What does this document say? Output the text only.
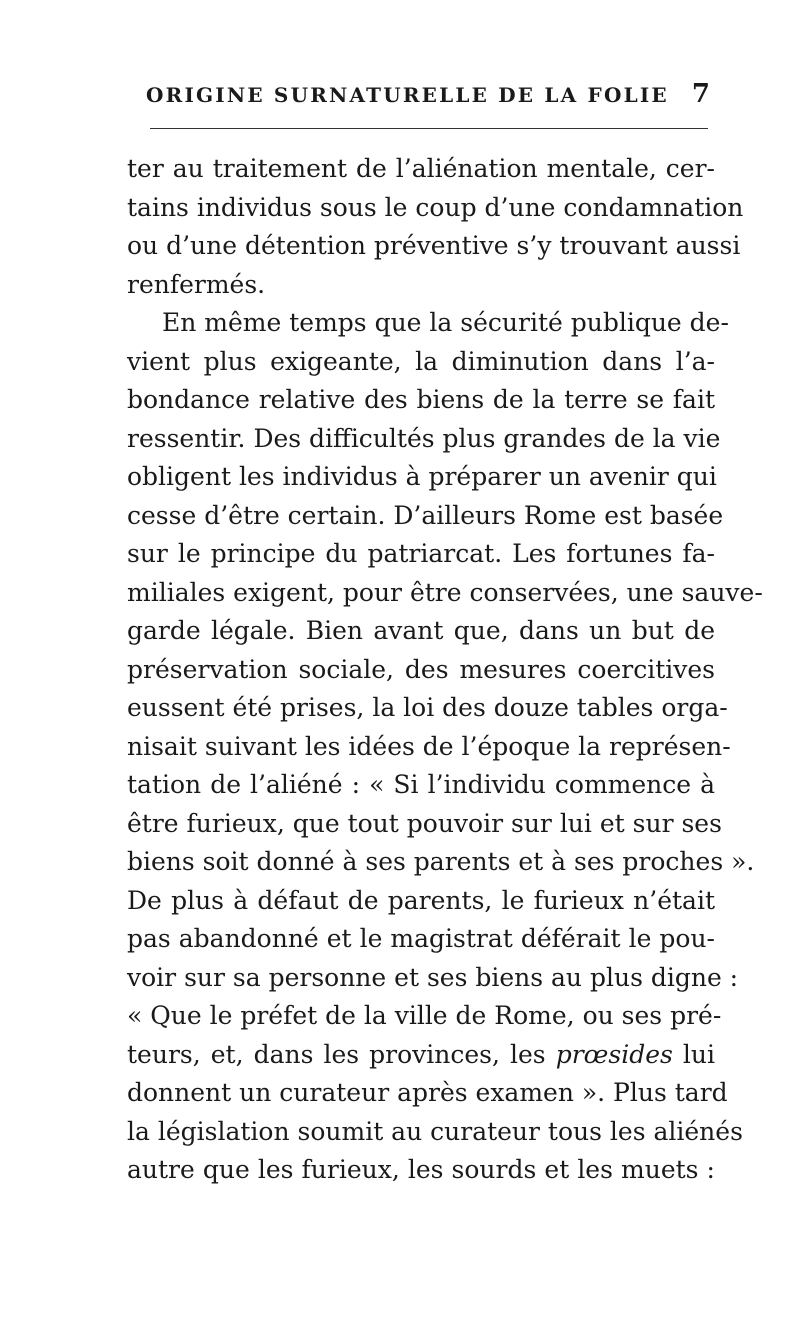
ORIGINE SURNATURELLE DE LA FOLIE 7
ter au traitement de l’aliénation mentale, cer-
tains individus sous le coup d’une condamnation
ou d’une détention préventive s’y trouvant aussi
renfermés.
En même temps que la sécurité publique de-
vient plus exigeante, la diminution dans l’a-
bondance relative des biens de la terre se fait
ressentir. Des difficultés plus grandes de la vie
obligent les individus à préparer un avenir qui
cesse d’être certain. D’ailleurs Rome est basée
sur le principe du patriarcat. Les fortunes fa-
miliales exigent, pour être conservées, une sauve-
garde légale. Bien avant que, dans un but de
préservation sociale, des mesures coercitives
eussent été prises, la loi des douze tables orga-
nisait suivant les idées de l’époque la représen-
tation de l’aliéné : « Si l’individu commence à
être furieux, que tout pouvoir sur lui et sur ses
biens soit donné à ses parents et à ses proches ».
De plus à défaut de parents, le furieux n’était
pas abandonné et le magistrat déférait le pou-
voir sur sa personne et ses biens au plus digne :
« Que le préfet de la ville de Rome, ou ses pré-
teurs, et, dans les provinces, les prœsides lui
donnent un curateur après examen ». Plus tard
la législation soumit au curateur tous les aliénés
autre que les furieux, les sourds et les muets :
